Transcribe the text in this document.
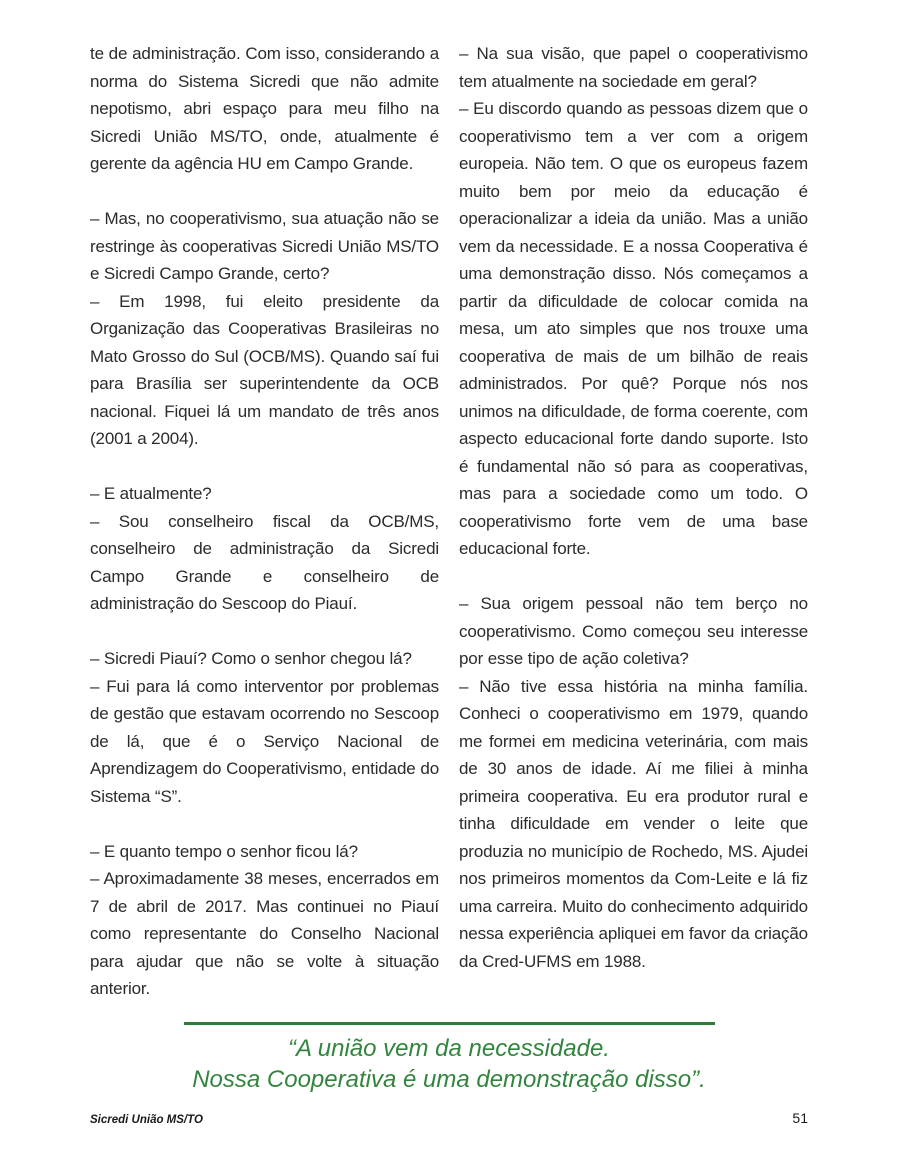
te de administração. Com isso, considerando a norma do Sistema Sicredi que não admite nepotismo, abri espaço para meu filho na Sicredi União MS/TO, onde, atualmente é gerente da agência HU em Campo Grande.

– Mas, no cooperativismo, sua atuação não se restringe às cooperativas Sicredi União MS/TO e Sicredi Campo Grande, certo?

– Em 1998, fui eleito presidente da Organização das Cooperativas Brasileiras no Mato Grosso do Sul (OCB/MS). Quando saí fui para Brasília ser superintendente da OCB nacional. Fiquei lá um mandato de três anos (2001 a 2004).

– E atualmente?

– Sou conselheiro fiscal da OCB/MS, conselheiro de administração da Sicredi Campo Grande e conselheiro de administração do Sescoop do Piauí.

– Sicredi Piauí? Como o senhor chegou lá?

– Fui para lá como interventor por problemas de gestão que estavam ocorrendo no Sescoop de lá, que é o Serviço Nacional de Aprendizagem do Cooperativismo, entidade do Sistema “S”.

– E quanto tempo o senhor ficou lá?

– Aproximadamente 38 meses, encerrados em 7 de abril de 2017. Mas continuei no Piauí como representante do Conselho Nacional para ajudar que não se volte à situação anterior.

– Na sua visão, que papel o cooperativismo tem atualmente na sociedade em geral?

– Eu discordo quando as pessoas dizem que o cooperativismo tem a ver com a origem europeia. Não tem. O que os europeus fazem muito bem por meio da educação é operacionalizar a ideia da união. Mas a união vem da necessidade. E a nossa Cooperativa é uma demonstração disso. Nós começamos a partir da dificuldade de colocar comida na mesa, um ato simples que nos trouxe uma cooperativa de mais de um bilhão de reais administrados. Por quê? Porque nós nos unimos na dificuldade, de forma coerente, com aspecto educacional forte dando suporte. Isto é fundamental não só para as cooperativas, mas para a sociedade como um todo. O cooperativismo forte vem de uma base educacional forte.

– Sua origem pessoal não tem berço no cooperativismo. Como começou seu interesse por esse tipo de ação coletiva?

– Não tive essa história na minha família. Conheci o cooperativismo em 1979, quando me formei em medicina veterinária, com mais de 30 anos de idade. Aí me filiei à minha primeira cooperativa. Eu era produtor rural e tinha dificuldade em vender o leite que produzia no município de Rochedo, MS. Ajudei nos primeiros momentos da Com-Leite e lá fiz uma carreira. Muito do conhecimento adquirido nessa experiência apliquei em favor da criação da Cred-UFMS em 1988.

“A união vem da necessidade.
Nossa Cooperativa é uma demonstração disso”.
Sicredi União MS/TO	51
